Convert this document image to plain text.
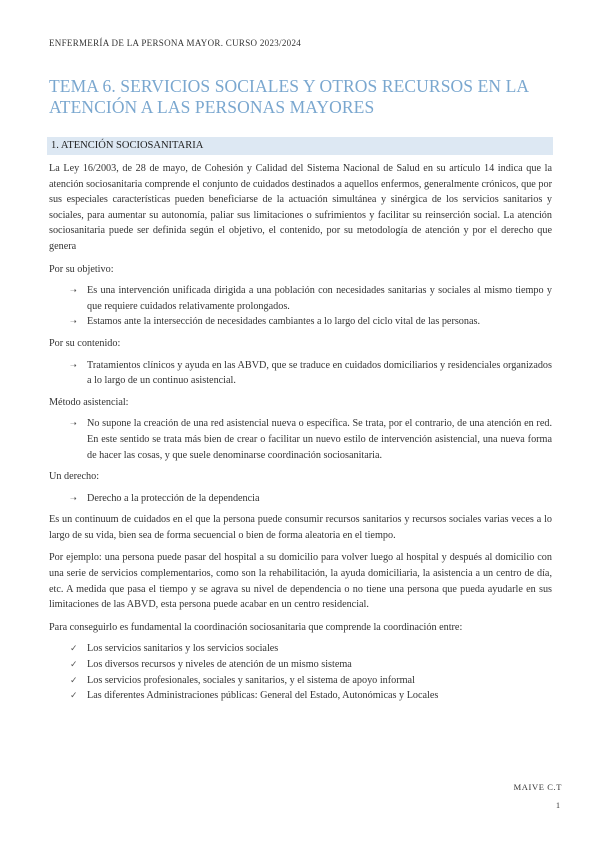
ENFERMERÍA DE LA PERSONA MAYOR. CURSO 2023/2024
TEMA 6. SERVICIOS SOCIALES Y OTROS RECURSOS EN LA ATENCIÓN A LAS PERSONAS MAYORES
1. ATENCIÓN SOCIOSANITARIA

La Ley 16/2003, de 28 de mayo, de Cohesión y Calidad del Sistema Nacional de Salud en su artículo 14 indica que la atención sociosanitaria comprende el conjunto de cuidados destinados a aquellos enfermos, generalmente crónicos, que por sus especiales características pueden beneficiarse de la actuación simultánea y sinérgica de los servicios sanitarios y sociales, para aumentar su autonomía, paliar sus limitaciones o sufrimientos y facilitar su reinserción social. La atención sociosanitaria puede ser definida según el objetivo, el contenido, por su metodología de atención y por el derecho que genera

Por su objetivo:

➝ Es una intervención unificada dirigida a una población con necesidades sanitarias y sociales al mismo tiempo y que requiere cuidados relativamente prolongados.
➝ Estamos ante la intersección de necesidades cambiantes a lo largo del ciclo vital de las personas.

Por su contenido:

➝ Tratamientos clínicos y ayuda en las ABVD, que se traduce en cuidados domiciliarios y residenciales organizados a lo largo de un continuo asistencial.

Método asistencial:

➝ No supone la creación de una red asistencial nueva o específica. Se trata, por el contrario, de una atención en red. En este sentido se trata más bien de crear o facilitar un nuevo estilo de intervención asistencial, una nueva forma de hacer las cosas, y que suele denominarse coordinación sociosanitaria.

Un derecho:

➝ Derecho a la protección de la dependencia

Es un continuum de cuidados en el que la persona puede consumir recursos sanitarios y recursos sociales varias veces a lo largo de su vida, bien sea de forma secuencial o bien de forma aleatoria en el tiempo.

Por ejemplo: una persona puede pasar del hospital a su domicilio para volver luego al hospital y después al domicilio con una serie de servicios complementarios, como son la rehabilitación, la ayuda domiciliaria, la asistencia a un centro de día, etc. A medida que pasa el tiempo y se agrava su nivel de dependencia o no tiene una persona que pueda ayudarle en sus limitaciones de las ABVD, esta persona puede acabar en un centro residencial.

Para conseguirlo es fundamental la coordinación sociosanitaria que comprende la coordinación entre:

✓ Los servicios sanitarios y los servicios sociales
✓ Los diversos recursos y niveles de atención de un mismo sistema
✓ Los servicios profesionales, sociales y sanitarios, y el sistema de apoyo informal
✓ Las diferentes Administraciones públicas: General del Estado, Autonómicas y Locales
MAIVE C.T
1
